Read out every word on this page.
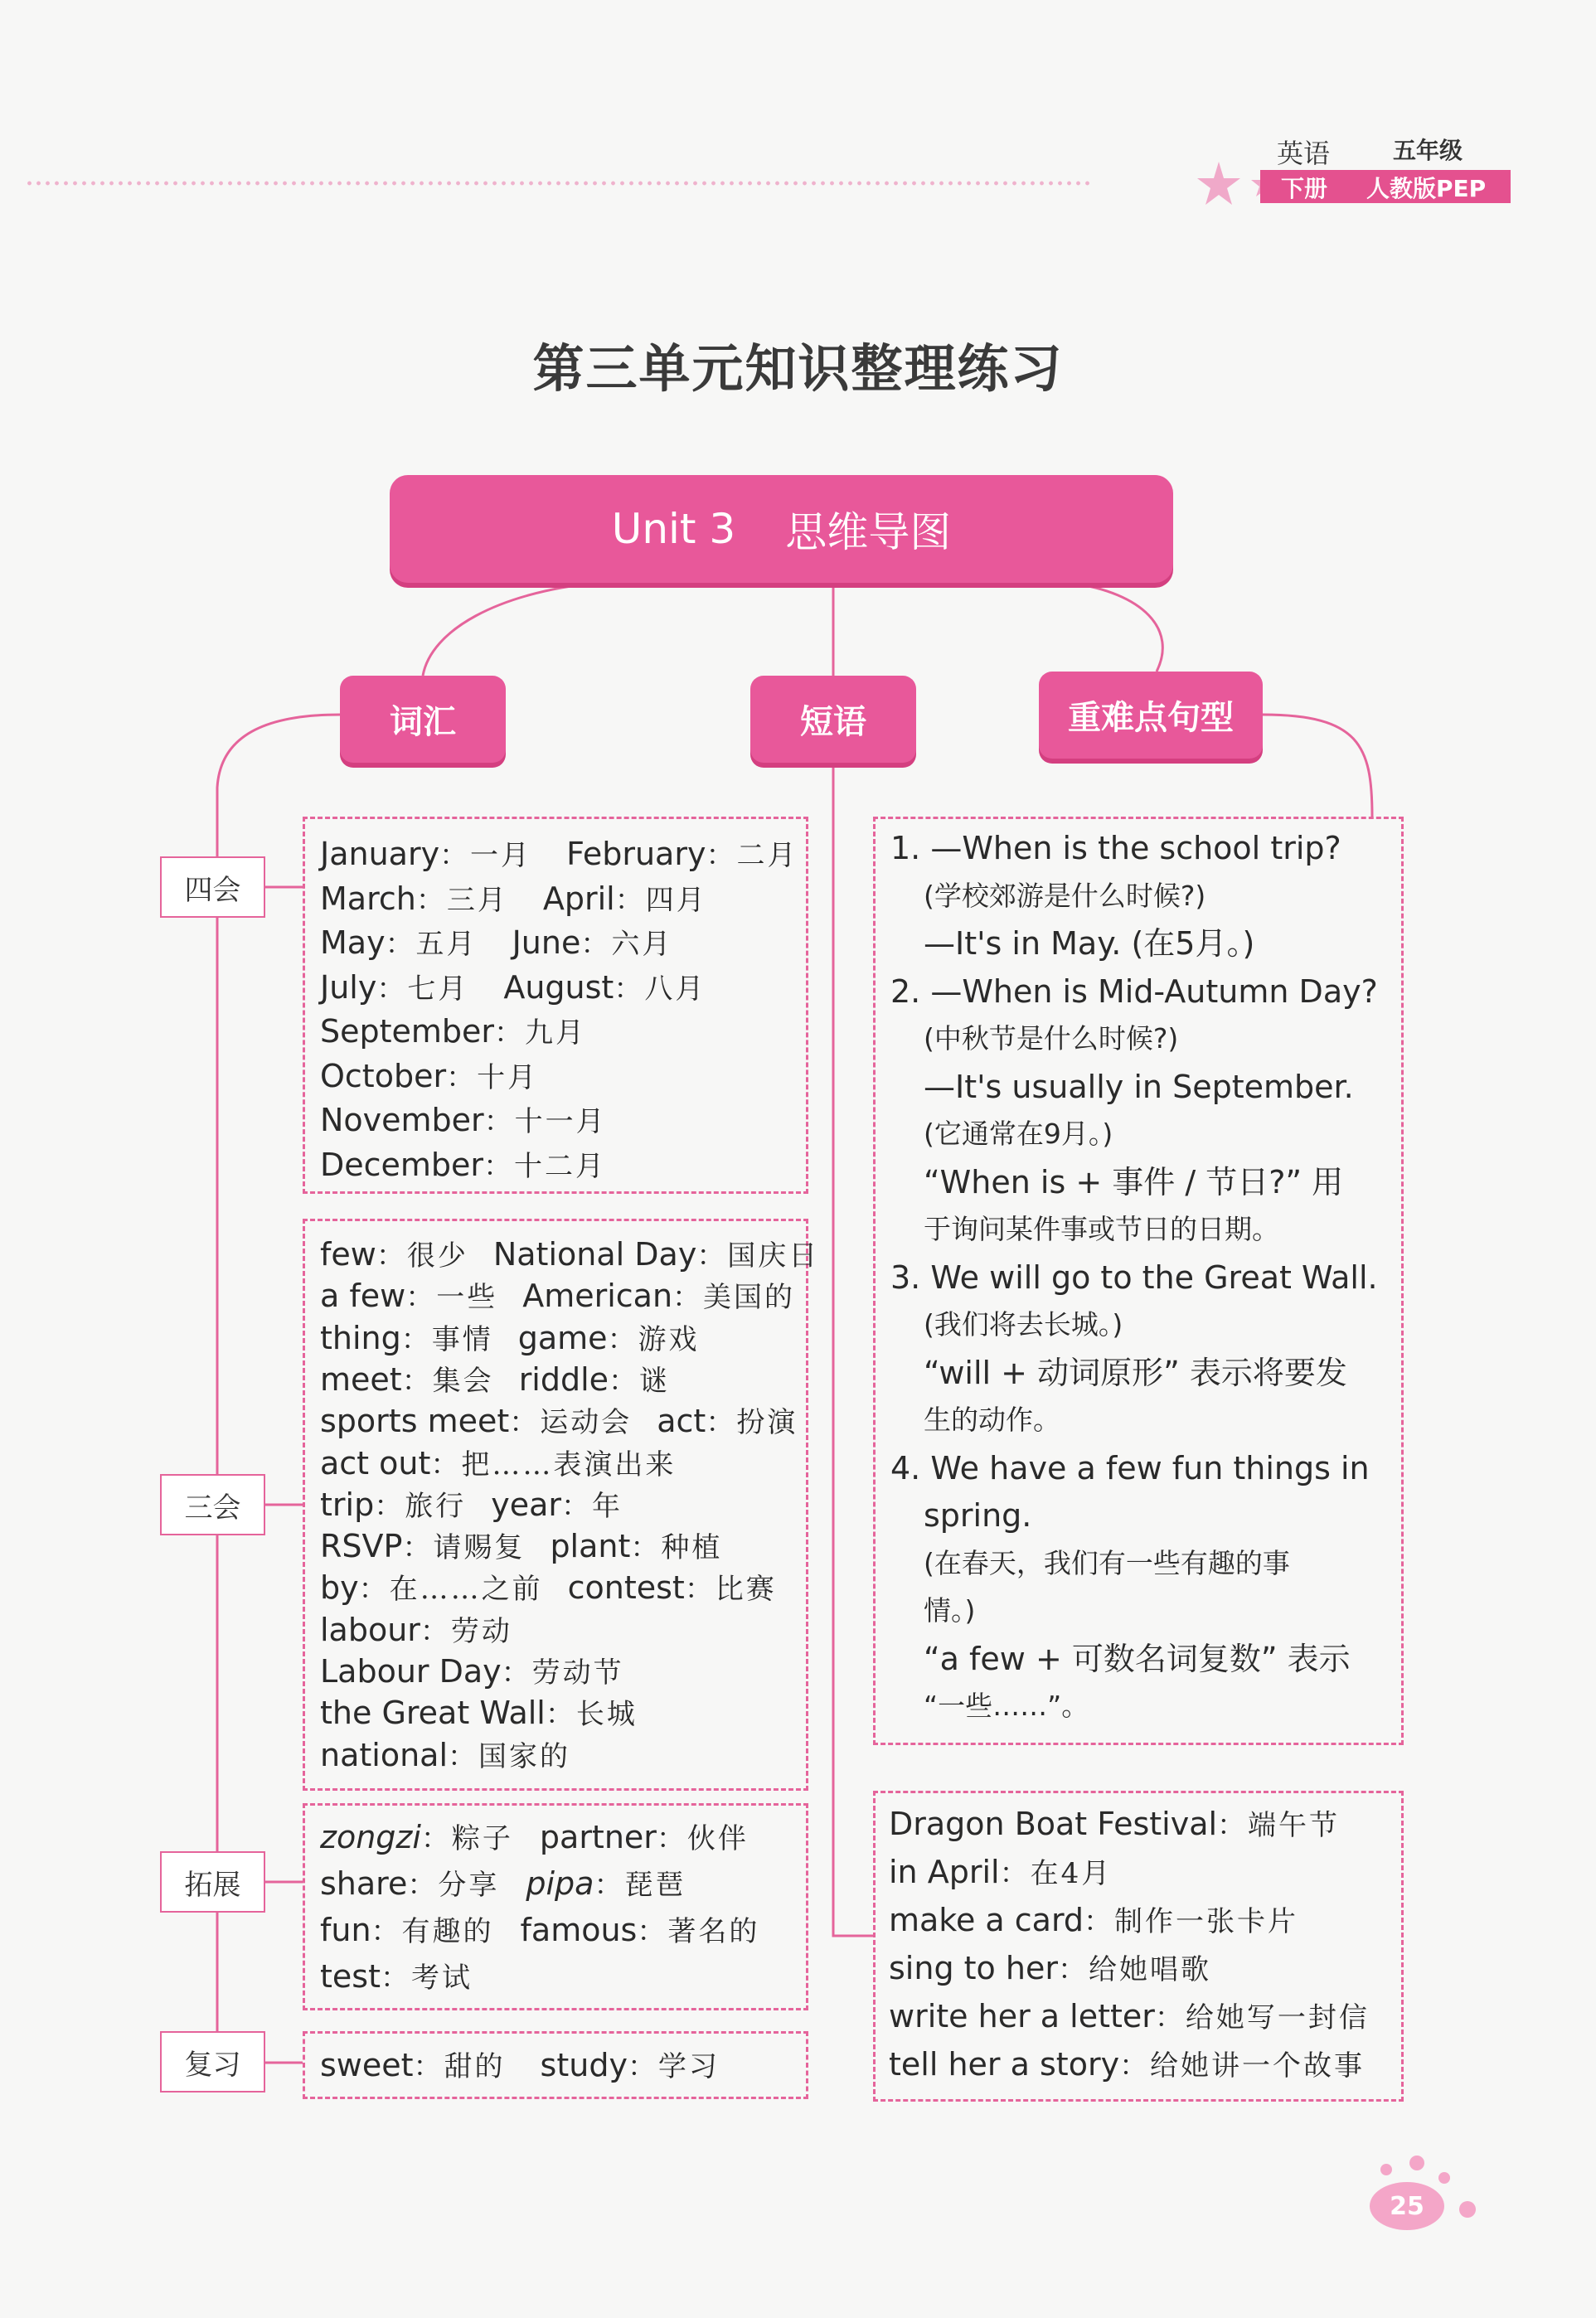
英语	五年级
下册 人教版PEP
第三单元知识整理练习
Unit 3 思维导图
词汇	短语	重难点句型
四会
三会
拓展
复习
January：一月 February：二月
March：三月 April：四月
May：五月 June：六月
July：七月 August：八月
September：九月
October：十月
November：十一月
December：十二月
few：很少 National Day：国庆日
a few：一些 American：美国的
thing：事情 game：游戏
meet：集会 riddle：谜
sports meet：运动会 act：扮演
act out：把……表演出来
trip：旅行 year：年
RSVP：请赐复 plant：种植
by：在……之前 contest：比赛
labour：劳动
Labour Day：劳动节
the Great Wall：长城
national：国家的
zongzi：粽子 partner：伙伴
share：分享 pipa：琵琶
fun：有趣的 famous：著名的
test：考试
sweet：甜的 study：学习
1. —When is the school trip?
(学校郊游是什么时候?)
—It's in May. (在5月。)
2. —When is Mid-Autumn Day?
(中秋节是什么时候?)
—It's usually in September.
(它通常在9月。)
“When is + 事件 / 节日?” 用
于询问某件事或节日的日期。
3. We will go to the Great Wall.
(我们将去长城。)
“will + 动词原形” 表示将要发
生的动作。
4. We have a few fun things in
spring.
(在春天，我们有一些有趣的事
情。)
“a few + 可数名词复数” 表示
“一些……”。
Dragon Boat Festival：端午节
in April：在4月
make a card：制作一张卡片
sing to her：给她唱歌
write her a letter：给她写一封信
tell her a story：给她讲一个故事
25
